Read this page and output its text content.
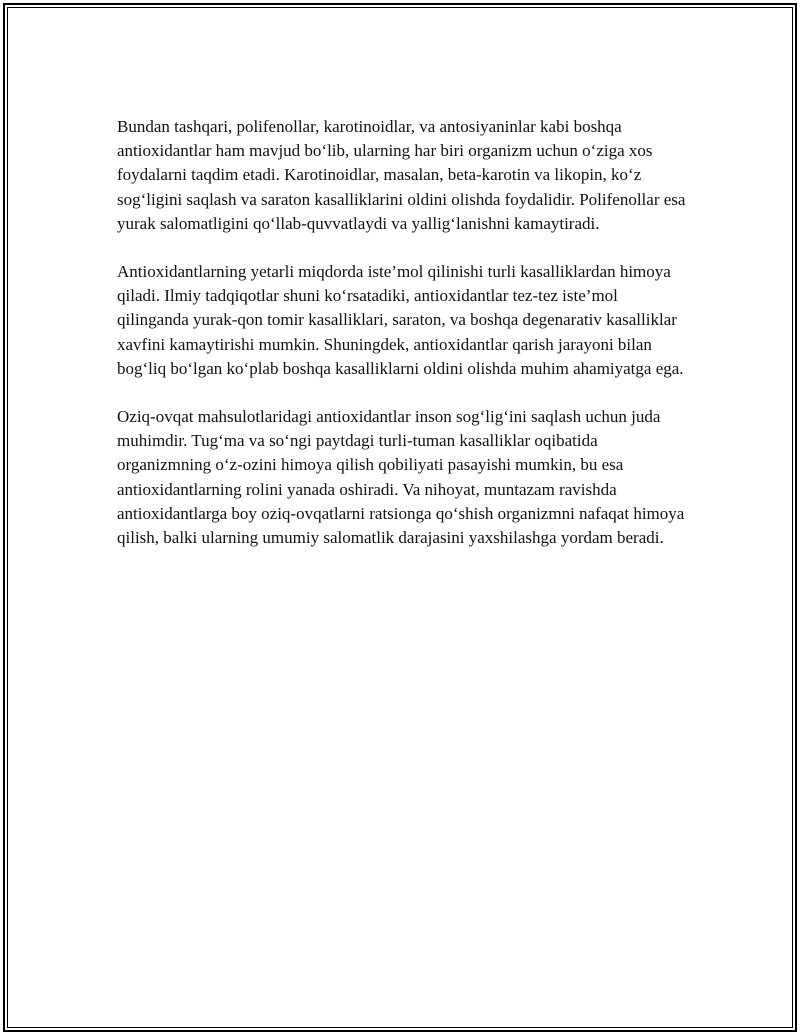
Bundan tashqari, polifenollar, karotinoidlar, va antosiyaninlar kabi boshqa antioxidantlar ham mavjud bo‘lib, ularning har biri organizm uchun o‘ziga xos foydalarni taqdim etadi. Karotinoidlar, masalan, beta-karotin va likopin, ko‘z sog‘ligini saqlash va saraton kasalliklarini oldini olishda foydalidir. Polifenollar esa yurak salomatligini qo‘llab-quvvatlaydi va yallig‘lanishni kamaytiradi.

Antioxidantlarning yetarli miqdorda iste’mol qilinishi turli kasalliklardan himoya qiladi. Ilmiy tadqiqotlar shuni ko‘rsatadiki, antioxidantlar tez-tez iste’mol qilinganda yurak-qon tomir kasalliklari, saraton, va boshqa degenarativ kasalliklar xavfini kamaytirishi mumkin. Shuningdek, antioxidantlar qarish jarayoni bilan bog‘liq bo‘lgan ko‘plab boshqa kasalliklarni oldini olishda muhim ahamiyatga ega.

Oziq-ovqat mahsulotlaridagi antioxidantlar inson sog‘lig‘ini saqlash uchun juda muhimdir. Tug‘ma va so‘ngi paytdagi turli-tuman kasalliklar oqibatida organizmning o‘z-ozini himoya qilish qobiliyati pasayishi mumkin, bu esa antioxidantlarning rolini yanada oshiradi. Va nihoyat, muntazam ravishda antioxidantlarga boy oziq-ovqatlarni ratsionga qo‘shish organizmni nafaqat himoya qilish, balki ularning umumiy salomatlik darajasini yaxshilashga yordam beradi.
